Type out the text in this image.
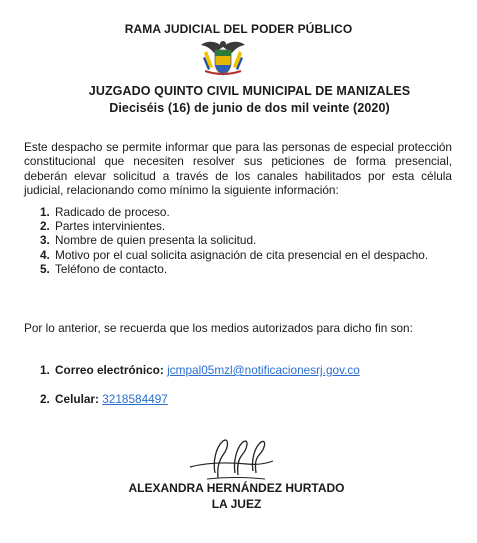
RAMA JUDICIAL DEL PODER PÚBLICO
JUZGADO QUINTO CIVIL MUNICIPAL DE MANIZALES
Dieciséis (16) de junio de dos mil veinte (2020)
Este despacho se permite informar que para las personas de especial protección constitucional que necesiten resolver sus peticiones de forma presencial, deberán elevar solicitud a través de los canales habilitados por esta célula judicial, relacionando como mínimo la siguiente información:
1. Radicado de proceso.
2. Partes intervinientes.
3. Nombre de quien presenta la solicitud.
4. Motivo por el cual solicita asignación de cita presencial en el despacho.
5. Teléfono de contacto.
Por lo anterior, se recuerda que los medios autorizados para dicho fin son:
1. Correo electrónico: jcmpal05mzl@notificacionesrj.gov.co
2. Celular: 3218584497
ALEXANDRA HERNÁNDEZ HURTADO
LA JUEZ
